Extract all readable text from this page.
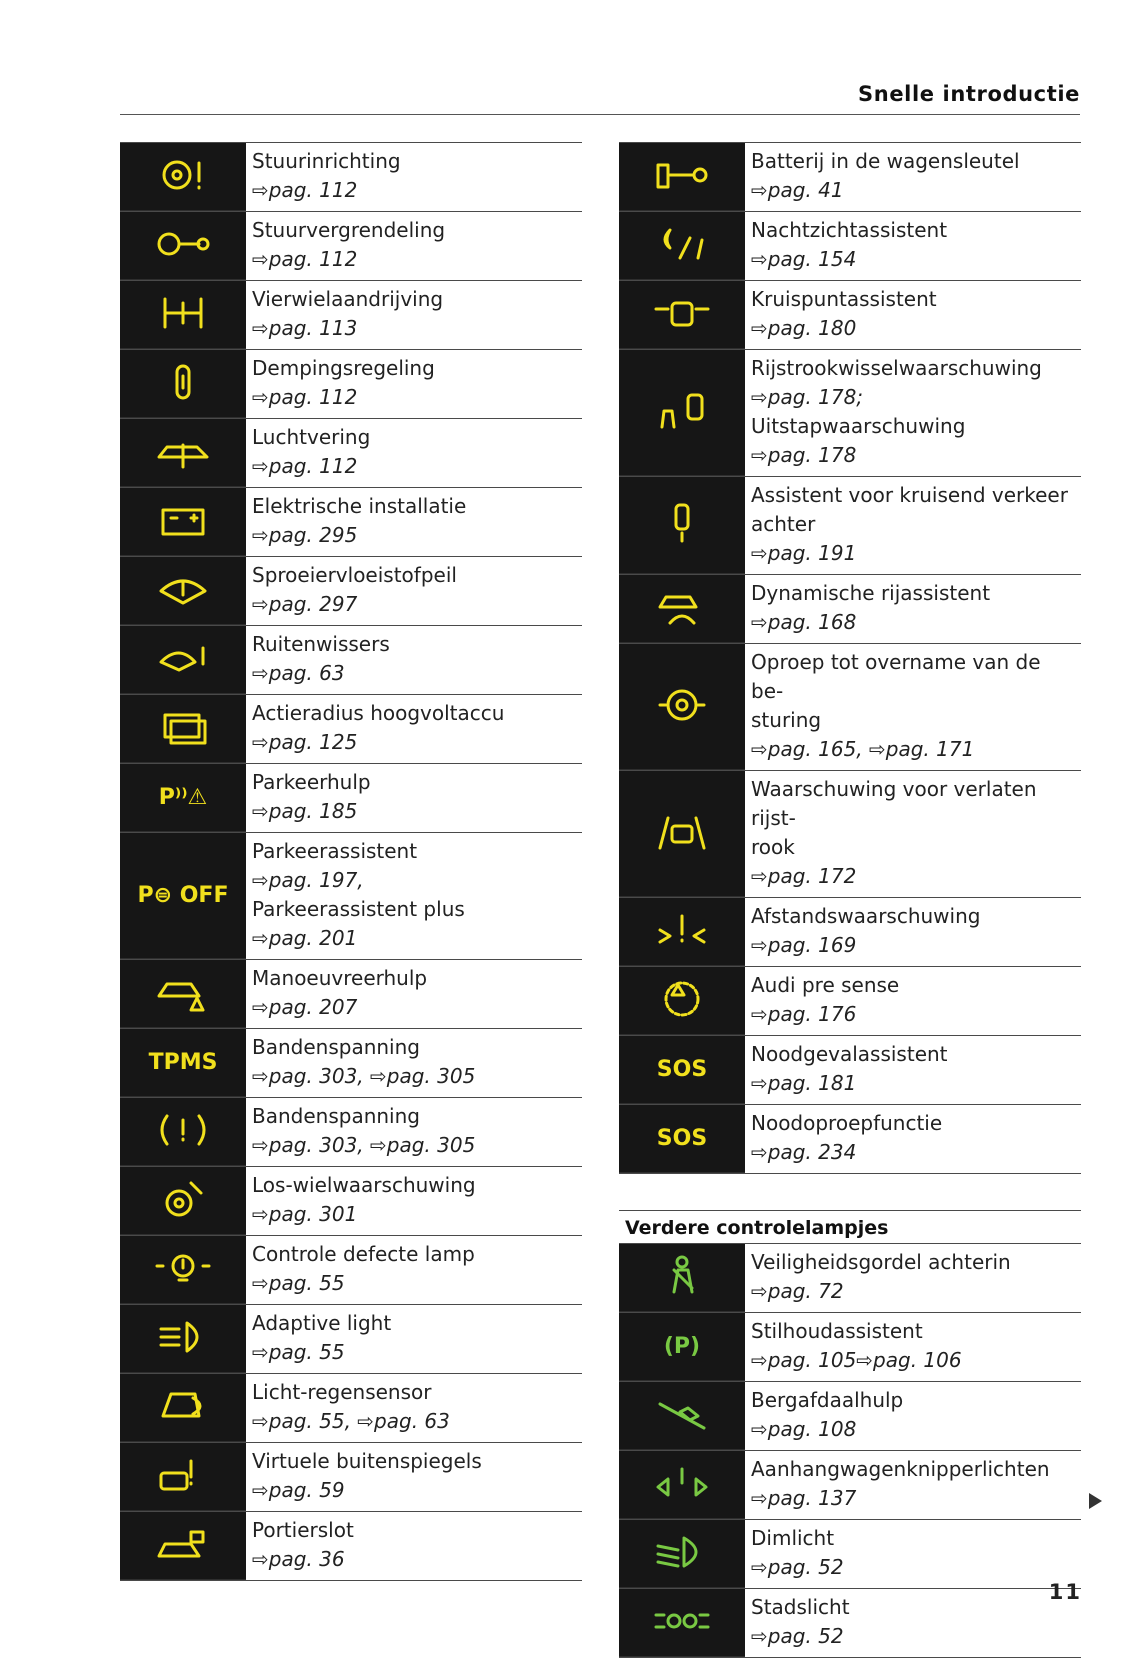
Snelle introductie
Stuurinrichting
⇨pag. 112
Stuurvergrendeling
⇨pag. 112
Vierwielaandrijving
⇨pag. 113
Dempingsregeling
⇨pag. 112
Luchtvering
⇨pag. 112
Elektrische installatie
⇨pag. 295
Sproeiervloeistofpeil
⇨pag. 297
Ruitenwissers
⇨pag. 63
Actieradius hoogvoltaccu
⇨pag. 125
P⁾⁾⚠
Parkeerhulp
⇨pag. 185
P⊜ OFF
Parkeerassistent
⇨pag. 197,
Parkeerassistent plus
⇨pag. 201
Manoeuvreerhulp
⇨pag. 207
TPMS
Bandenspanning
⇨pag. 303, ⇨pag. 305
Bandenspanning
⇨pag. 303, ⇨pag. 305
Los-wielwaarschuwing
⇨pag. 301
Controle defecte lamp
⇨pag. 55
Adaptive light
⇨pag. 55
Licht-regensensor
⇨pag. 55, ⇨pag. 63
Virtuele buitenspiegels
⇨pag. 59
Portierslot
⇨pag. 36
Batterij in de wagensleutel
⇨pag. 41
Nachtzichtassistent
⇨pag. 154
Kruispuntassistent
⇨pag. 180
Rijstrookwisselwaarschuwing
⇨pag. 178;
Uitstapwaarschuwing
⇨pag. 178
Assistent voor kruisend verkeer
achter
⇨pag. 191
Dynamische rijassistent
⇨pag. 168
Oproep tot overname van de be-
sturing
⇨pag. 165, ⇨pag. 171
Waarschuwing voor verlaten rijst-
rook
⇨pag. 172
Afstandswaarschuwing
⇨pag. 169
Audi pre sense
⇨pag. 176
SOS
Noodgevalassistent
⇨pag. 181
SOS
Noodoproepfunctie
⇨pag. 234
Verdere controlelampjes
Veiligheidsgordel achterin
⇨pag. 72
(P)
Stilhoudassistent
⇨pag. 105⇨pag. 106
Bergafdaalhulp
⇨pag. 108
Aanhangwagenknipperlichten
⇨pag. 137
Dimlicht
⇨pag. 52
Stadslicht
⇨pag. 52
11
